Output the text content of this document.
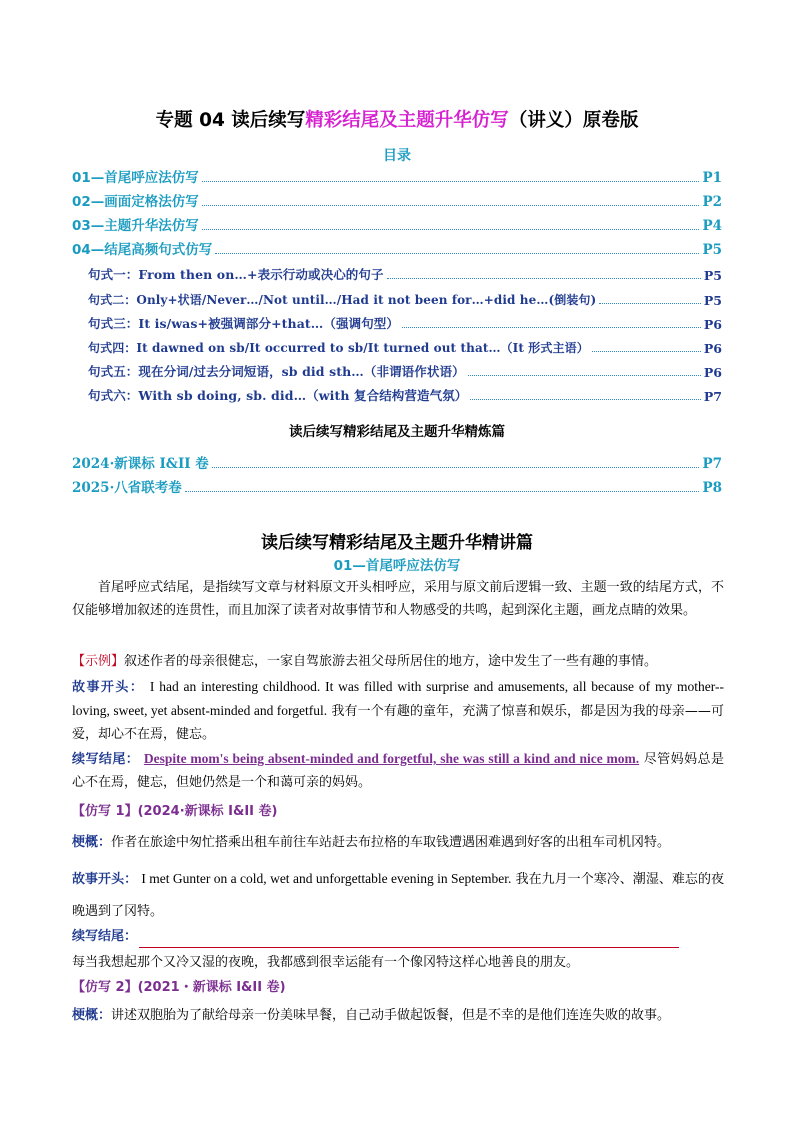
专题 04 读后续写精彩结尾及主题升华仿写（讲义）原卷版
目录
01—首尾呼应法仿写	P1
02—画面定格法仿写	P2
03—主题升华法仿写	P4
04—结尾高频句式仿写	P5
句式一：From then on…+表示行动或决心的句子	P5
句式二：Only+状语/Never…/Not until…/Had it not been for…+did he…(倒装句)	P5
句式三：It is/was+被强调部分+that…（强调句型）	P6
句式四：It dawned on sb/It occurred to sb/It turned out that…（It 形式主语）	P6
句式五：现在分词/过去分词短语，sb did sth…（非谓语作状语）	P6
句式六：With sb doing, sb. did…（with 复合结构营造气氛）	P7
读后续写精彩结尾及主题升华精炼篇
2024·新课标 I&II 卷	P7
2025·八省联考卷	P8
读后续写精彩结尾及主题升华精讲篇
01—首尾呼应法仿写
首尾呼应式结尾，是指续写文章与材料原文开头相呼应，采用与原文前后逻辑一致、主题一致的结尾方式，不仅能够增加叙述的连贯性，而且加深了读者对故事情节和人物感受的共鸣，起到深化主题，画龙点睛的效果。
【示例】叙述作者的母亲很健忘，一家自驾旅游去祖父母所居住的地方，途中发生了一些有趣的事情。
故事开头： I had an interesting childhood. It was filled with surprise and amusements, all because of my mother--loving, sweet, yet absent-minded and forgetful. 我有一个有趣的童年，充满了惊喜和娱乐，都是因为我的母亲——可爱，却心不在焉，健忘。
续写结尾： Despite mom's being absent-minded and forgetful, she was still a kind and nice mom. 尽管妈妈总是心不在焉，健忘，但她仍然是一个和蔼可亲的妈妈。
【仿写 1】(2024·新课标 I&II 卷)
梗概：作者在旅途中匆忙搭乘出租车前往车站赶去布拉格的车取钱遭遇困难遇到好客的出租车司机冈特。
故事开头： I met Gunter on a cold, wet and unforgettable evening in September. 我在九月一个寒冷、潮湿、难忘的夜晚遇到了冈特。
续写结尾：
每当我想起那个又冷又湿的夜晚，我都感到很幸运能有一个像冈特这样心地善良的朋友。
【仿写 2】(2021・新课标 I&II 卷)
梗概：讲述双胞胎为了献给母亲一份美味早餐，自己动手做起饭餐，但是不幸的是他们连连失败的故事。
